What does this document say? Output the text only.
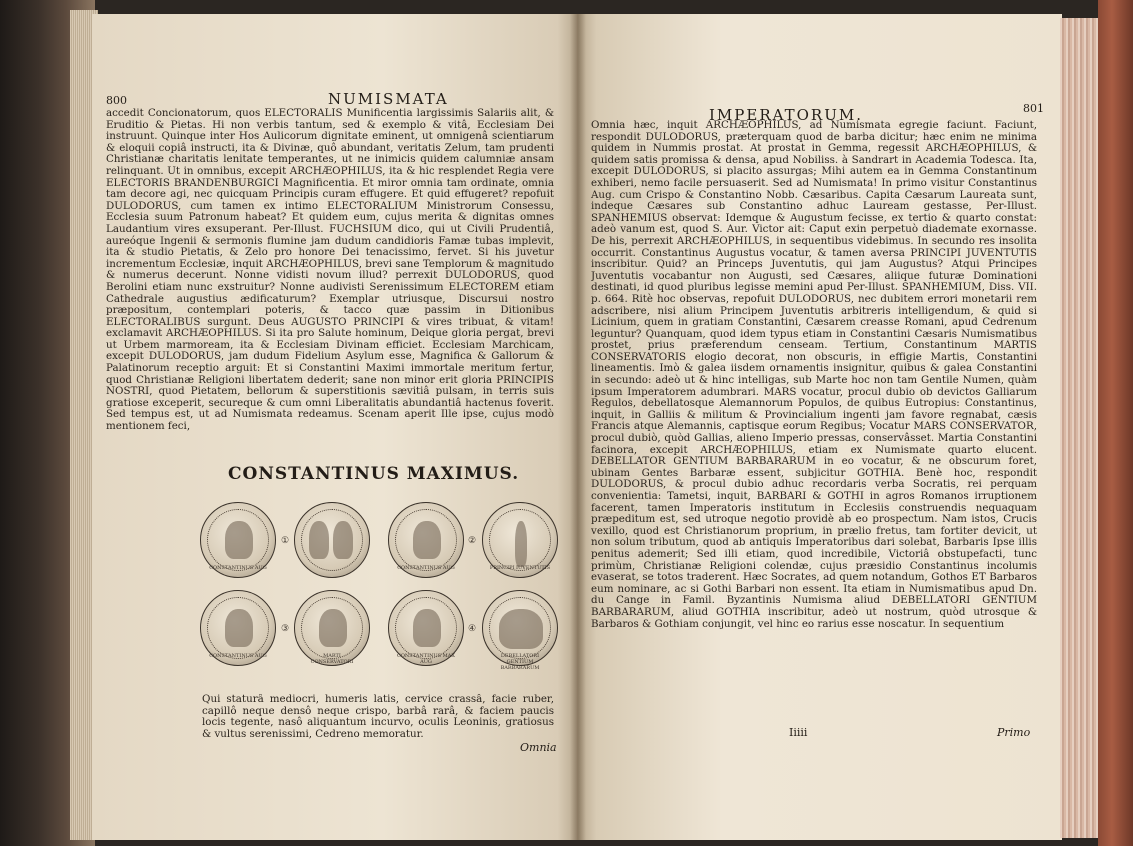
800	NUMISMATA
accedit Concionatorum, quos ELECTORALIS Munificentia largissimis Salariis alit, & Eruditio & Pietas. Hi non verbis tantum, sed & exemplo & vitâ, Ecclesiam Dei instruunt. Quinque inter Hos Aulicorum dignitate eminent, ut omnigenâ scientiarum & eloquii copiâ instructi, ita & Divinæ, quô abundant, veritatis Zelum, tam prudenti Christianæ charitatis lenitate temperantes, ut ne inimicis quidem calumniæ ansam relinquant. Ut in omnibus, excepit ARCHÆOPHILUS, ita & hic resplendet Regia vere ELECTORIS BRANDENBURGICI Magnificentia. Et miror omnia tam ordinate, omnia tam decore agi, nec quicquam Principis curam effugere. Et quid effugeret? repofuit DULODORUS, cum tamen ex intimo ELECTORALIUM Ministrorum Consessu, Ecclesia suum Patronum habeat? Et quidem eum, cujus merita & dignitas omnes Laudantium vires exsuperant. Per-Illust. FUCHSIUM dico, qui ut Civili Prudentiâ, aureóque Ingenii & sermonis flumine jam dudum candidioris Famæ tubas implevit, ita & studio Pietatis, & Zelo pro honore Dei tenacissimo, fervet. Si his juvetur incrementum Ecclesiæ, inquit ARCHÆOPHILUS, brevi sane Templorum & magnitudo & numerus decerunt. Nonne vidisti novum illud? perrexit DULODORUS, quod Berolini etiam nunc exstruitur? Nonne audivisti Serenissimum ELECTOREM etiam Cathedrale augustius ædificaturum? Exemplar utriusque, Discursui nostro præpositum, contemplari poteris, & tacco quæ passim in Ditionibus ELECTORALIBUS surgunt. Deus AUGUSTO PRINCIPI & vires tribuat, & vitam! exclamavit ARCHÆOPHILUS. Si ita pro Salute hominum, Deique gloria pergat, brevi ut Urbem marmoream, ita & Ecclesiam Divinam efficiet. Ecclesiam Marchicam, excepit DULODORUS, jam dudum Fidelium Asylum esse, Magnifica & Gallorum & Palatinorum receptio arguit: Et si Constantini Maximi immortale meritum fertur, quod Christianæ Religioni libertatem dederit; sane non minor erit gloria PRINCIPIS NOSTRI, quod Pietatem, bellorum & superstitionis sævitiâ pulsam, in terris suis gratiose exceperit, secureque & cum omni Liberalitatis abundantiâ hactenus foverit. Sed tempus est, ut ad Numismata redeamus. Scenam aperit Ille ipse, cujus modò mentionem feci,
CONSTANTINUS MAXIMUS.
Qui staturâ mediocri, humeris latis, cervice crassâ, facie ruber, capillô neque densô neque crispo, barbâ rarâ, & faciem paucis locis tegente, nasô aliquantum incurvo, oculis Leoninis, gratiosus & vultus serenissimi, Cedreno memoratur.
Omnia
CONSTANTINUS AUG
①
CONSTANTINUS AUG
②
PRINCIPI IUVENTUTIS
CONSTANTINUS AUG
③
MARTI CONSERVATORI
CONSTANTINUS MAX AUG
④
DEBELLATORI GENTIUM BARBARARUM
IMPERATORUM.	801
Omnia hæc, inquit ARCHÆOPHILUS, ad Numismata egregie faciunt. Faciunt, respondit DULODORUS, præterquam quod de barba dicitur; hæc enim ne minima quidem in Nummis prostat. At prostat in Gemma, regessit ARCHÆOPHILUS, & quidem satis promissa & densa, apud Nobiliss. à Sandrart in Academia Todesca. Ita, excepit DULODORUS, si placito assurgas; Mihi autem ea in Gemma Constantinum exhiberi, nemo facile persuaserit. Sed ad Numismata! In primo visitur Constantinus Aug. cum Crispo & Constantino Nobb. Cæsaribus. Capita Cæsarum Laureata sunt, indeque Cæsares sub Constantino adhuc Lauream gestasse, Per-Illust. SPANHEMIUS observat: Idemque & Augustum fecisse, ex tertio & quarto constat: adeò vanum est, quod S. Aur. Victor ait: Caput exin perpetuò diademate exornasse. De his, perrexit ARCHÆOPHILUS, in sequentibus videbimus. In secundo res insolita occurrit. Constantinus Augustus vocatur, & tamen aversa PRINCIPI JUVENTUTIS inscribitur. Quid? an Princeps Juventutis, qui jam Augustus? Atqui Principes Juventutis vocabantur non Augusti, sed Cæsares, aliique futuræ Dominationi destinati, id quod pluribus legisse memini apud Per-Illust. SPANHEMIUM, Diss. VII. p. 664. Ritè hoc observas, repofuit DULODORUS, nec dubitem errori monetarii rem adscribere, nisi alium Principem Juventutis arbitreris intelligendum, & quid si Licinium, quem in gratiam Constantini, Cæsarem creasse Romani, apud Cedrenum leguntur? Quanquam, quod idem typus etiam in Constantini Cæsaris Numismatibus prostet, prius præferendum censeam. Tertium, Constantinum MARTIS CONSERVATORIS elogio decorat, non obscuris, in effigie Martis, Constantini lineamentis. Imò & galea iisdem ornamentis insignitur, quibus & galea Constantini in secundo: adeò ut & hinc intelligas, sub Marte hoc non tam Gentile Numen, quàm ipsum Imperatorem adumbrari. MARS vocatur, procul dubio ob devictos Galliarum Regulos, debellatosque Alemannorum Populos, de quibus Eutropius: Constantinus, inquit, in Galliis & militum & Provincialium ingenti jam favore regnabat, cæsis Francis atque Alemannis, captisque eorum Regibus; Vocatur MARS CONSERVATOR, procul dubiò, quòd Gallias, alieno Imperio pressas, conservâsset. Martia Constantini facinora, excepit ARCHÆOPHILUS, etiam ex Numismate quarto elucent. DEBELLATOR GENTIUM BARBARARUM in eo vocatur, & ne obscurum foret, ubinam Gentes Barbaræ essent, subjicitur GOTHIA. Benè hoc, respondit DULODORUS, & procul dubio adhuc recordaris verba Socratis, rei perquam convenientia: Tametsi, inquit, BARBARI & GOTHI in agros Romanos irruptionem facerent, tamen Imperatoris institutum in Ecclesiis construendis nequaquam præpeditum est, sed utroque negotio providè ab eo prospectum. Nam istos, Crucis vexillo, quod est Christianorum proprium, in prælio fretus, tam fortiter devicit, ut non solum tributum, quod ab antiquis Imperatoribus dari solebat, Barbaris Ipse illis penitus ademerit; Sed illi etiam, quod incredibile, Victoriâ obstupefacti, tunc primùm, Christianæ Religioni colendæ, cujus præsidio Constantinus incolumis evaserat, se totos traderent. Hæc Socrates, ad quem notandum, Gothos ET Barbaros eum nominare, ac si Gothi Barbari non essent. Ita etiam in Numismatibus apud Dn. du Cange in Famil. Byzantinis Numisma aliud DEBELLATORI GENTIUM BARBARARUM, aliud GOTHIA inscribitur, adeò ut nostrum, quòd utrosque & Barbaros & Gothiam conjungit, vel hinc eo rarius esse noscatur. In sequentium
Iiiii	Primo
